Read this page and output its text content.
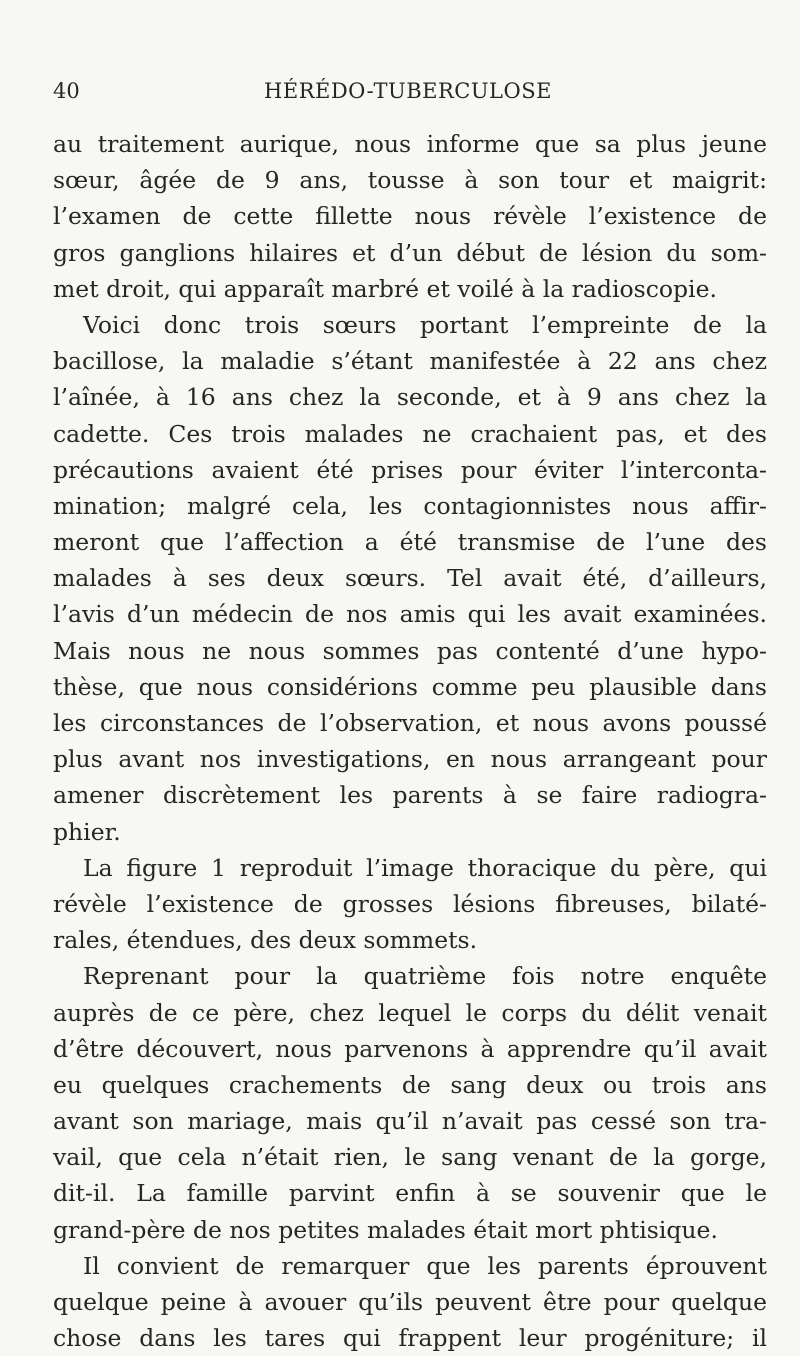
40	HÉRÉDO-TUBERCULOSE
au traitement aurique, nous informe que sa plus jeune
sœur, âgée de 9 ans, tousse à son tour et maigrit:
l’examen de cette fillette nous révèle l’existence de
gros ganglions hilaires et d’un début de lésion du som-
met droit, qui apparaît marbré et voilé à la radioscopie.
Voici donc trois sœurs portant l’empreinte de la
bacillose, la maladie s’étant manifestée à 22 ans chez
l’aînée, à 16 ans chez la seconde, et à 9 ans chez la
cadette. Ces trois malades ne crachaient pas, et des
précautions avaient été prises pour éviter l’interconta-
mination; malgré cela, les contagionnistes nous affir-
meront que l’affection a été transmise de l’une des
malades à ses deux sœurs. Tel avait été, d’ailleurs,
l’avis d’un médecin de nos amis qui les avait examinées.
Mais nous ne nous sommes pas contenté d’une hypo-
thèse, que nous considérions comme peu plausible dans
les circonstances de l’observation, et nous avons poussé
plus avant nos investigations, en nous arrangeant pour
amener discrètement les parents à se faire radiogra-
phier.
La figure 1 reproduit l’image thoracique du père, qui
révèle l’existence de grosses lésions fibreuses, bilaté-
rales, étendues, des deux sommets.
Reprenant pour la quatrième fois notre enquête
auprès de ce père, chez lequel le corps du délit venait
d’être découvert, nous parvenons à apprendre qu’il avait
eu quelques crachements de sang deux ou trois ans
avant son mariage, mais qu’il n’avait pas cessé son tra-
vail, que cela n’était rien, le sang venant de la gorge,
dit-il. La famille parvint enfin à se souvenir que le
grand-père de nos petites malades était mort phtisique.
Il convient de remarquer que les parents éprouvent
quelque peine à avouer qu’ils peuvent être pour quelque
chose dans les tares qui frappent leur progéniture; il
